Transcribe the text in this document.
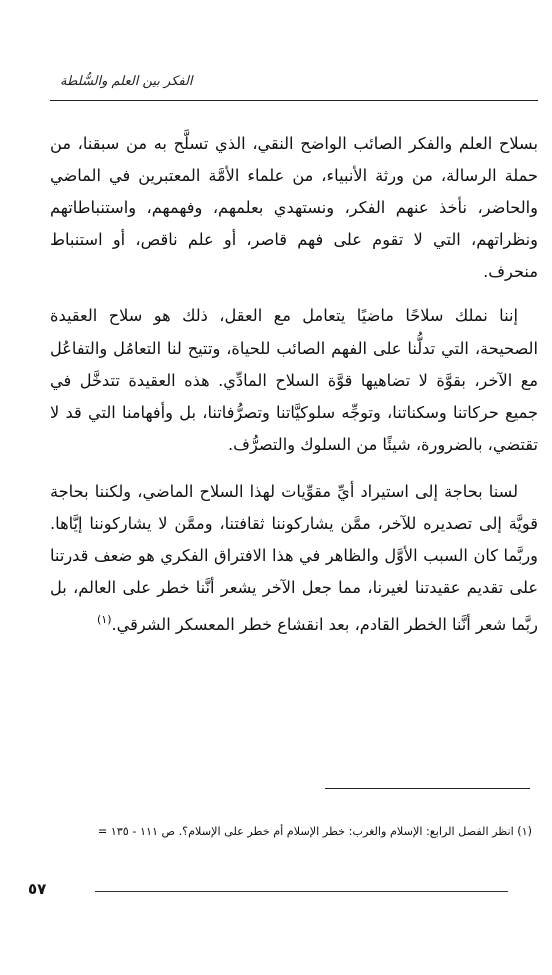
الفكر بين العلم والسُّلطة

بسلاح العلم والفكر الصائب الواضح النقي، الذي تسلَّح به من سبقنا، من حملة الرسالة، من ورثة الأنبياء، من علماء الأمَّة المعتبرين في الماضي والحاضر، نأخذ عنهم الفكر، ونستهدي بعلمهم، وفهمهم، واستنباطاتهم ونظراتهم، التي لا تقوم على فهم قاصر، أو علم ناقص، أو استنباط منحرف.

إننا نملك سلاحًا ماضيًا يتعامل مع العقل، ذلك هو سلاح العقيدة الصحيحة، التي تدلُّنا على الفهم الصائب للحياة، وتتيح لنا التعامُل والتفاعُل مع الآخر، بقوَّة لا تضاهيها قوَّة السلاح المادِّي. هذه العقيدة تتدخَّل في جميع حركاتنا وسكناتنا، وتوجِّه سلوكيَّاتنا وتصرُّفاتنا، بل وأفهامنا التي قد لا تقتضي، بالضرورة، شيئًا من السلوك والتصرُّف.

لسنا بحاجة إلى استيراد أيِّ مقوِّيات لهذا السلاح الماضي، ولكننا بحاجة قويَّة إلى تصديره للآخر، ممَّن يشاركوننا ثقافتنا، وممَّن لا يشاركوننا إيَّاها. وربَّما كان السبب الأوَّل والظاهر في هذا الافتراق الفكري هو ضعف قدرتنا على تقديم عقيدتنا لغيرنا، مما جعل الآخر يشعر أنَّنا خطر على العالم، بل ربَّما شعر أنَّنا الخطر القادم، بعد انقشاع خطر المعسكر الشرقي.$^{(١)}$

(١) انظر الفصل الرابع: الإسلام والغرب: خطر الإسلام أم خطر على الإسلام؟. ص ١١١ - ١٣٥ =
٥٧
